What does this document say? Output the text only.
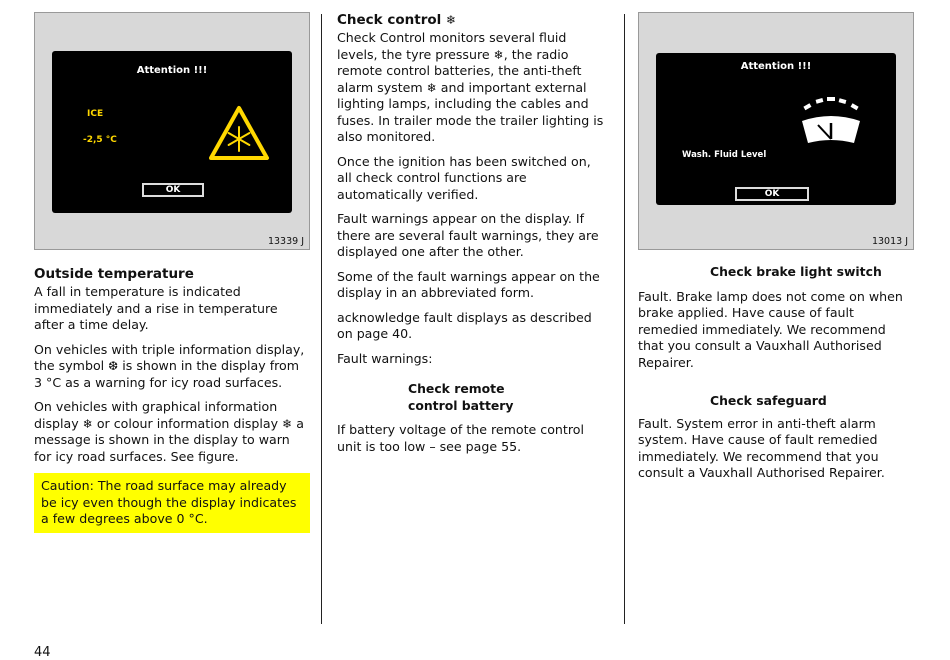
Attention !!!
ICE
-2,5 °C
OK
13339 J
Outside temperature

A fall in temperature is indicated immediately and a rise in temperature after a time delay.

On vehicles with triple information display, the symbol ❆ is shown in the display from 3 °C as a warning for icy road surfaces.

On vehicles with graphical information display ❄ or colour information display ❄ a message is shown in the display to warn for icy road surfaces. See figure.

Caution: The road surface may already be icy even though the display indicates a few degrees above 0 °C.

Check control ❄

Check Control monitors several fluid levels, the tyre pressure ❄, the radio remote control batteries, the anti-theft alarm system ❄ and important external lighting lamps, including the cables and fuses. In trailer mode the trailer lighting is also monitored.

Once the ignition has been switched on, all check control functions are automatically verified.

Fault warnings appear on the display. If there are several fault warnings, they are displayed one after the other.

Some of the fault warnings appear on the display in an abbreviated form.

acknowledge fault displays as described on page 40.

Fault warnings:

Check remote control battery

If battery voltage of the remote control unit is too low – see page 55.

Attention !!!
Wash. Fluid Level
OK
13013 J
Check brake light switch

Fault. Brake lamp does not come on when brake applied. Have cause of fault remedied immediately. We recommend that you consult a Vauxhall Authorised Repairer.

Check safeguard

Fault. System error in anti-theft alarm system. Have cause of fault remedied immediately. We recommend that you consult a Vauxhall Authorised Repairer.

44
